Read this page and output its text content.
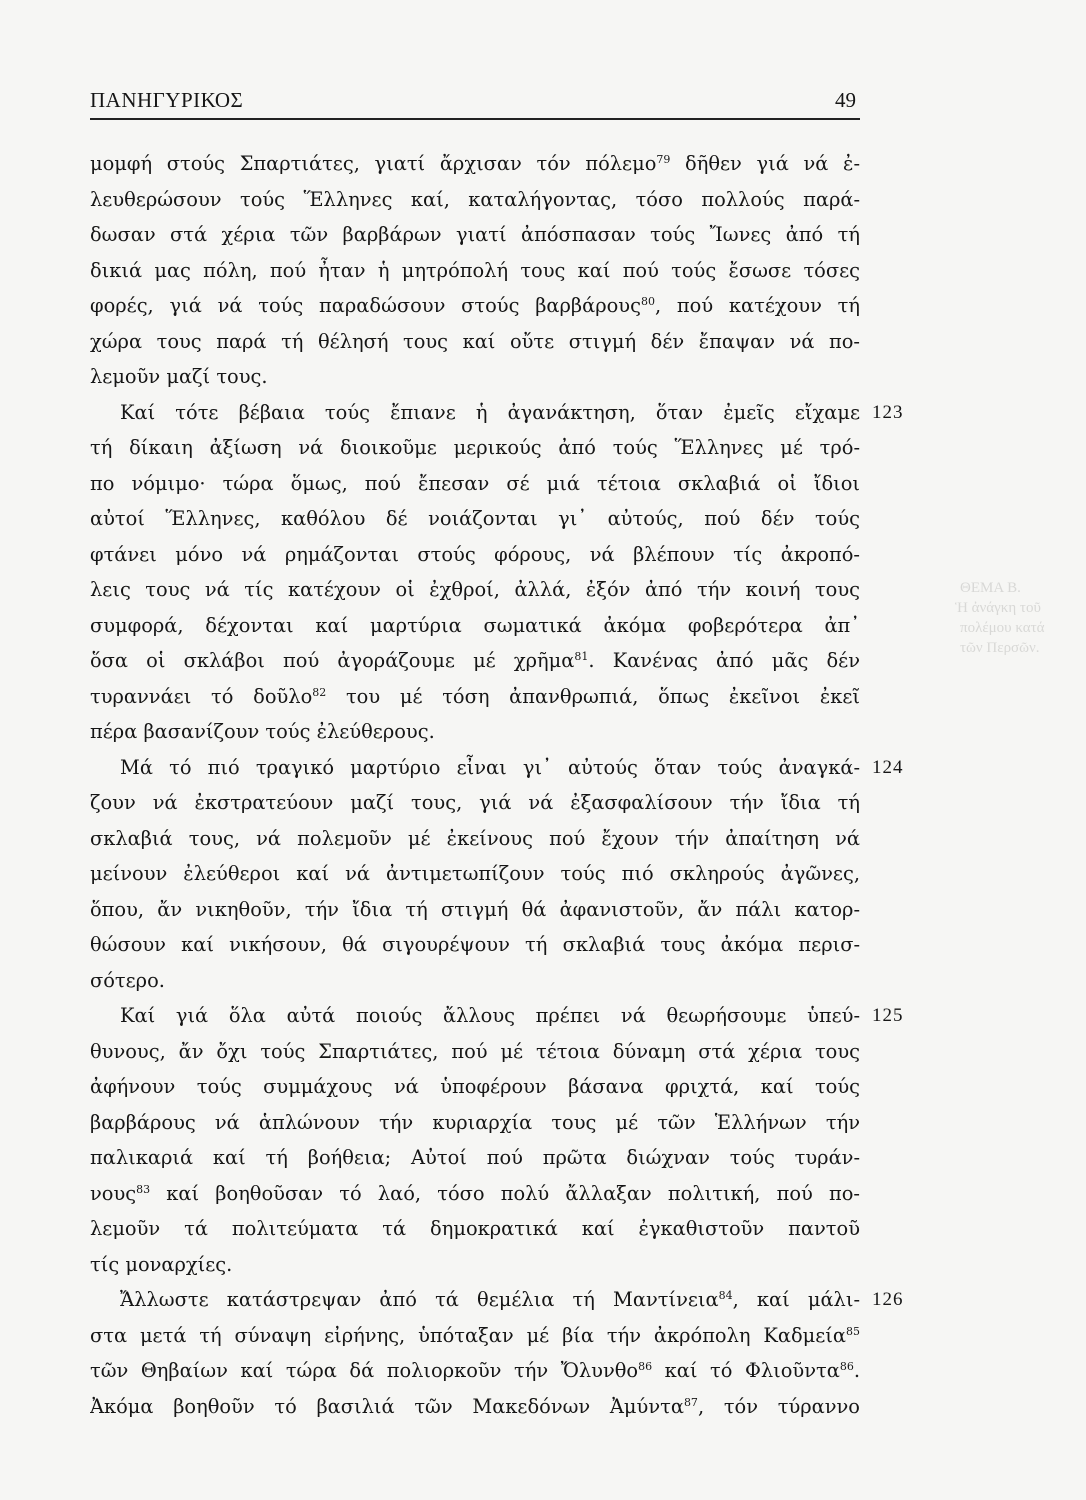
ΘΕΜΑ Β.
Ἡ ἀνάγκη τοῦ
πολέμου κατά
τῶν Περσῶν.
ΠΑΝΗΓΥΡΙΚΟΣ	49
μομφή στούς Σπαρτιάτες, γιατί ἄρχισαν τόν πόλεμο$^{79}$ δῆθεν γιά νά ἐ-
λευθερώσουν τούς Ἕλληνες καί, καταλήγοντας, τόσο πολλούς παρά-
δωσαν στά χέρια τῶν βαρβάρων γιατί ἀπόσπασαν τούς Ἴωνες ἀπό τή
δικιά μας πόλη, πού ἦταν ἡ μητρόπολή τους καί πού τούς ἔσωσε τόσες
φορές, γιά νά τούς παραδώσουν στούς βαρβάρους$^{80}$, πού κατέχουν τή
χώρα τους παρά τή θέλησή τους καί οὔτε στιγμή δέν ἔπαψαν νά πο-
λεμοῦν μαζί τους.
Καί τότε βέβαια τούς ἔπιανε ἡ ἀγανάκτηση, ὅταν ἐμεῖς εἴχαμε
τή δίκαιη ἀξίωση νά διοικοῦμε μερικούς ἀπό τούς Ἕλληνες μέ τρό-
πο νόμιμο· τώρα ὅμως, πού ἔπεσαν σέ μιά τέτοια σκλαβιά οἱ ἴδιοι
αὐτοί Ἕλληνες, καθόλου δέ νοιάζονται γι᾿ αὐτούς, πού δέν τούς
φτάνει μόνο νά ρημάζονται στούς φόρους, νά βλέπουν τίς ἀκροπό-
λεις τους νά τίς κατέχουν οἱ ἐχθροί, ἀλλά, ἐξόν ἀπό τήν κοινή τους
συμφορά, δέχονται καί μαρτύρια σωματικά ἀκόμα φοβερότερα ἀπ᾿
ὅσα οἱ σκλάβοι πού ἀγοράζουμε μέ χρῆμα$^{81}$. Κανένας ἀπό μᾶς δέν
τυραννάει τό δοῦλο$^{82}$ του μέ τόση ἀπανθρωπιά, ὅπως ἐκεῖνοι ἐκεῖ
πέρα βασανίζουν τούς ἐλεύθερους.
Μά τό πιό τραγικό μαρτύριο εἶναι γι᾿ αὐτούς ὅταν τούς ἀναγκά-
ζουν νά ἐκστρατεύουν μαζί τους, γιά νά ἐξασφαλίσουν τήν ἴδια τή
σκλαβιά τους, νά πολεμοῦν μέ ἐκείνους πού ἔχουν τήν ἀπαίτηση νά
μείνουν ἐλεύθεροι καί νά ἀντιμετωπίζουν τούς πιό σκληρούς ἀγῶνες,
ὅπου, ἄν νικηθοῦν, τήν ἴδια τή στιγμή θά ἀφανιστοῦν, ἄν πάλι κατορ-
θώσουν καί νικήσουν, θά σιγουρέψουν τή σκλαβιά τους ἀκόμα περισ-
σότερο.
Καί γιά ὅλα αὐτά ποιούς ἄλλους πρέπει νά θεωρήσουμε ὑπεύ-
θυνους, ἄν ὄχι τούς Σπαρτιάτες, πού μέ τέτοια δύναμη στά χέρια τους
ἀφήνουν τούς συμμάχους νά ὑποφέρουν βάσανα φριχτά, καί τούς
βαρβάρους νά ἁπλώνουν τήν κυριαρχία τους μέ τῶν Ἑλλήνων τήν
παλικαριά καί τή βοήθεια; Αὐτοί πού πρῶτα διώχναν τούς τυράν-
νους$^{83}$ καί βοηθοῦσαν τό λαό, τόσο πολύ ἄλλαξαν πολιτική, πού πο-
λεμοῦν τά πολιτεύματα τά δημοκρατικά καί ἐγκαθιστοῦν παντοῦ
τίς μοναρχίες.
Ἄλλωστε κατάστρεψαν ἀπό τά θεμέλια τή Μαντίνεια$^{84}$, καί μάλι-
στα μετά τή σύναψη εἰρήνης, ὑπόταξαν μέ βία τήν ἀκρόπολη Καδμεία$^{85}$
τῶν Θηβαίων καί τώρα δά πολιορκοῦν τήν Ὄλυνθο$^{86}$ καί τό Φλιοῦντα$^{86}$.
Ἀκόμα βοηθοῦν τό βασιλιά τῶν Μακεδόνων Ἀμύντα$^{87}$, τόν τύραννο
123
124
125
126
